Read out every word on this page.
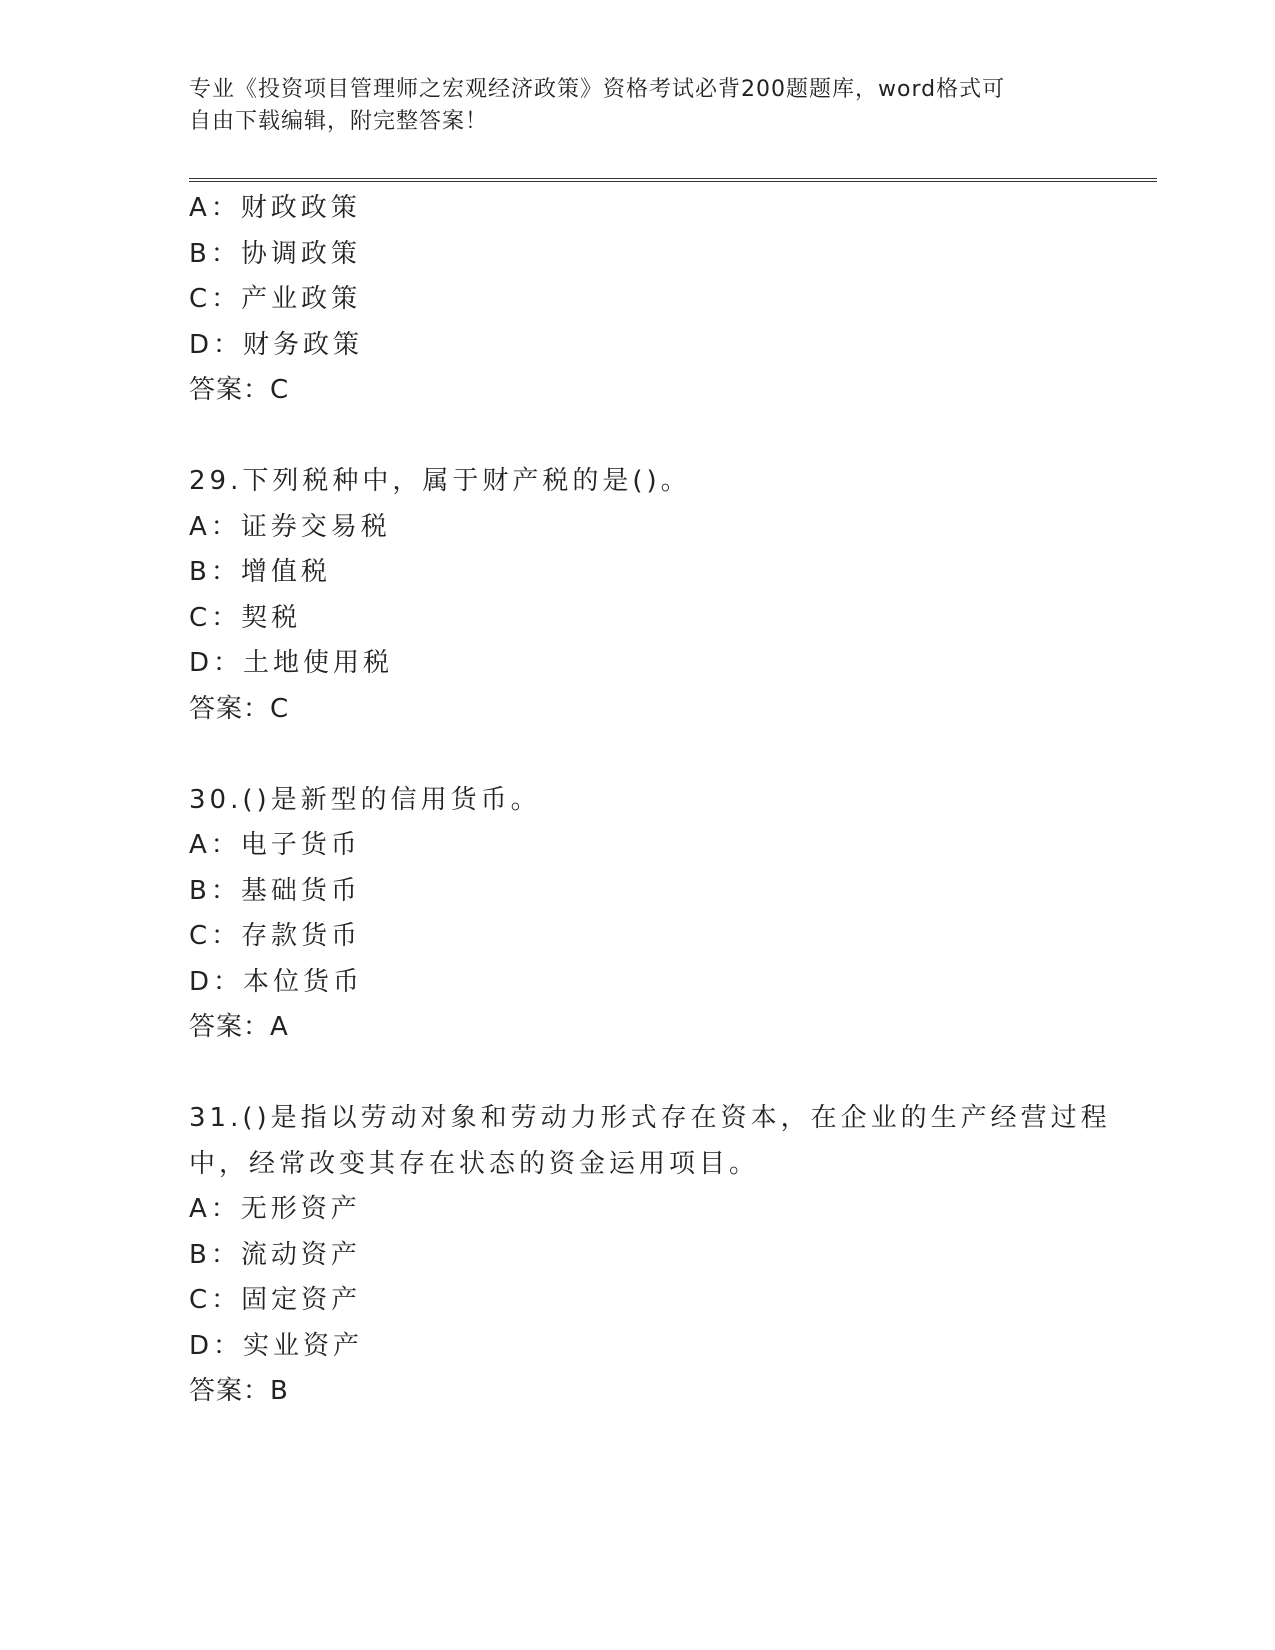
专业《投资项目管理师之宏观经济政策》资格考试必背200题题库，word格式可
自由下载编辑，附完整答案！
A：财政政策
B：协调政策
C：产业政策
D：财务政策
答案：C
29.下列税种中，属于财产税的是()。
A：证券交易税
B：增值税
C：契税
D：土地使用税
答案：C
30.()是新型的信用货币。
A：电子货币
B：基础货币
C：存款货币
D：本位货币
答案：A
31.()是指以劳动对象和劳动力形式存在资本，在企业的生产经营过程
中，经常改变其存在状态的资金运用项目。
A：无形资产
B：流动资产
C：固定资产
D：实业资产
答案：B
